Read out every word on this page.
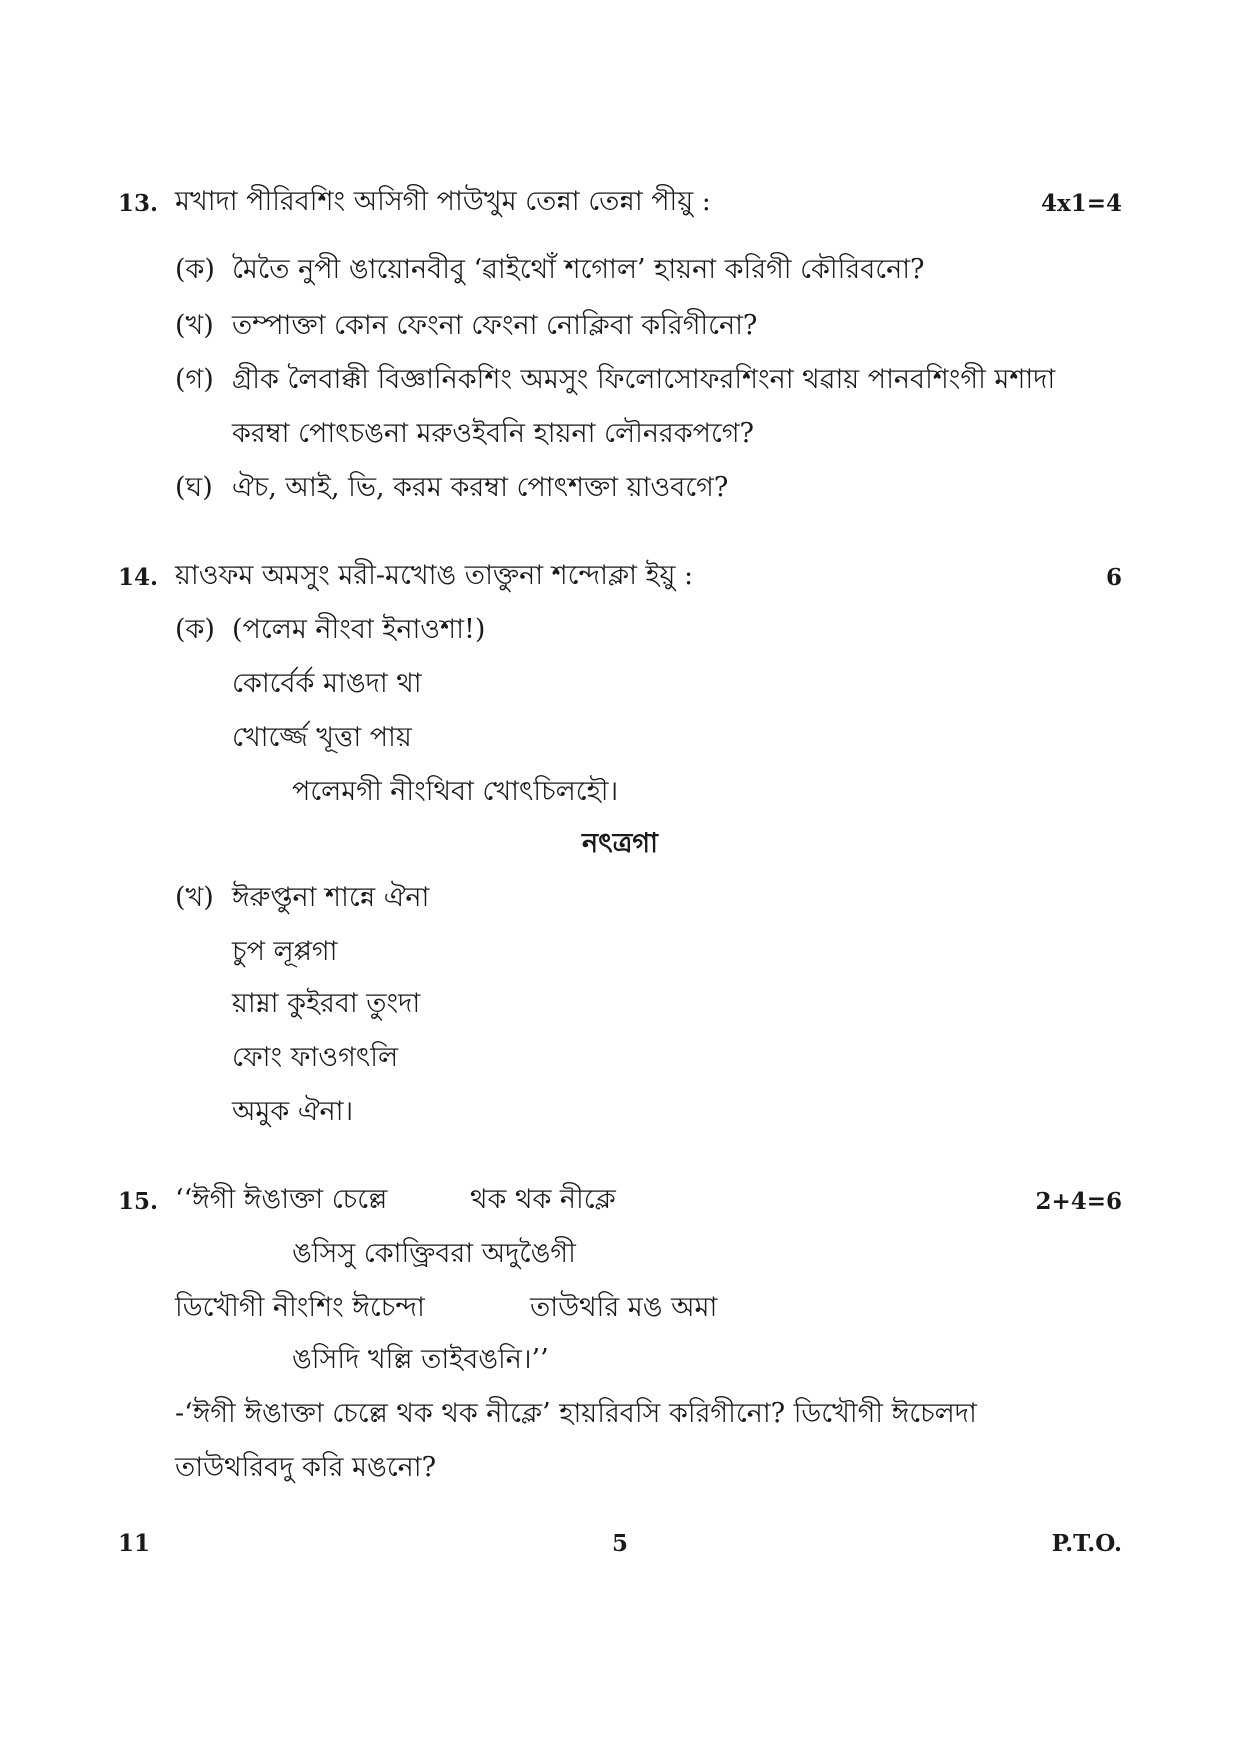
13. মখাদা পীরিবশিং অসিগী পাউখুম তেন্না তেন্না পীয়ু :	4x1=4
(ক) মৈতৈ নুপী ঙায়োনবীবু ‘ৱাইথোঁ শগোল’ হায়না করিগী কৌরিবনো?
(খ) তম্পাক্তা কোন ফেংনা ফেংনা নোক্লিবা করিগীনো?
(গ) গ্রীক লৈবাক্কী বিজ্ঞানিকশিং অমসুং ফিলোসোফরশিংনা থৱায় পানবশিংগী মশাদা
করম্বা পোৎচঙনা মরুওইবনি হায়না লৌনরকপগে?
(ঘ) ঐচ, আই, ভি, করম করম্বা পোৎশক্তা য়াওবগে?
14. য়াওফম অমসুং মরী-মখোঙ তাক্তুনা শন্দোক্লা ইয়ু :	6
(ক) (পলেম নীংবা ইনাওশা!)
কোর্বের্ক মাঙদা থা
খোর্জ্জে খূত্তা পায়
পলেমগী নীংথিবা খোৎচিলহৌ।
নৎত্রগা
(খ) ঈরুপ্তুনা শান্নে ঐনা
চুপ লূপ্পগা
য়াম্না কুইরবা তুংদা
ফোং ফাওগৎলি
অমুক ঐনা।
15. ‘‘ঈগী ঈঙাক্তা চেল্লে	থক থক নীক্লে	2+4=6
ঙসিসু কোক্ত্রিবরা অদুঙৈগী
ডিখৌগী নীংশিং ঈচেন্দা	তাউথরি মঙ অমা
ঙসিদি খল্লি তাইবঙনি।’’
-‘ঈগী ঈঙাক্তা চেল্লে থক থক নীক্লে’ হায়রিবসি করিগীনো? ডিখৌগী ঈচেলদা
তাউথরিবদু করি মঙনো?
11	5	P.T.O.
